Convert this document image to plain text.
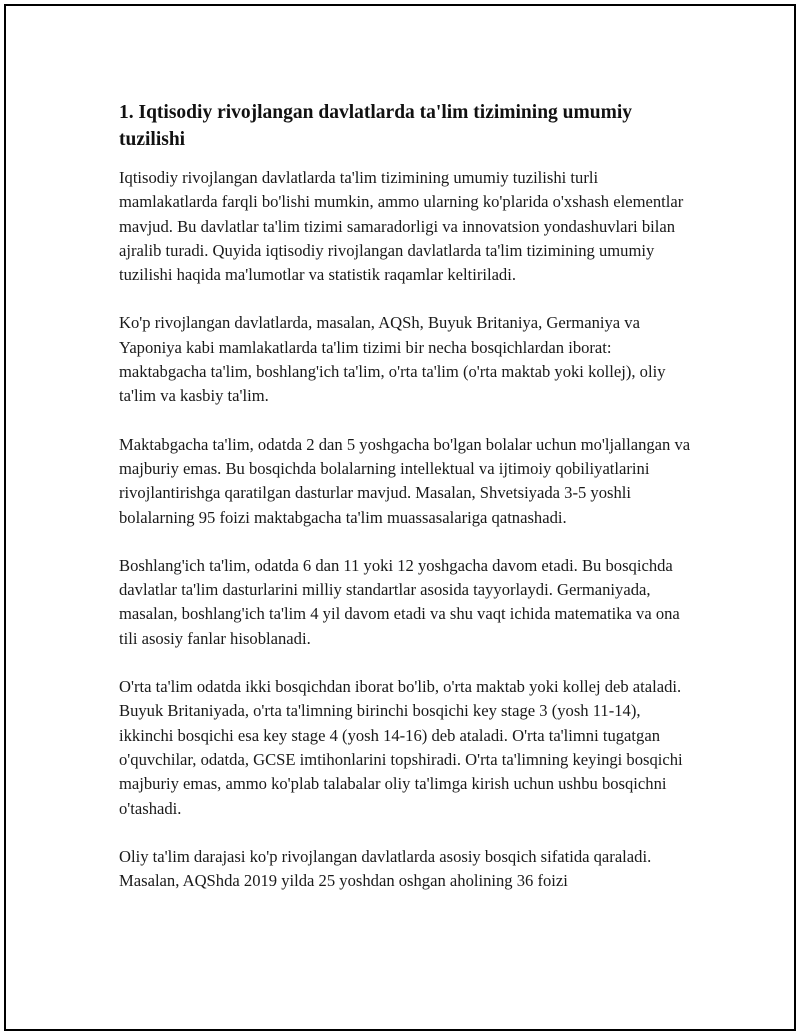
1. Iqtisodiy rivojlangan davlatlarda ta'lim tizimining umumiy tuzilishi

Iqtisodiy rivojlangan davlatlarda ta'lim tizimining umumiy tuzilishi turli mamlakatlarda farqli bo'lishi mumkin, ammo ularning ko'plarida o'xshash elementlar mavjud. Bu davlatlar ta'lim tizimi samaradorligi va innovatsion yondashuvlari bilan ajralib turadi. Quyida iqtisodiy rivojlangan davlatlarda ta'lim tizimining umumiy tuzilishi haqida ma'lumotlar va statistik raqamlar keltiriladi.

Ko'p rivojlangan davlatlarda, masalan, AQSh, Buyuk Britaniya, Germaniya va Yaponiya kabi mamlakatlarda ta'lim tizimi bir necha bosqichlardan iborat: maktabgacha ta'lim, boshlang'ich ta'lim, o'rta ta'lim (o'rta maktab yoki kollej), oliy ta'lim va kasbiy ta'lim.

Maktabgacha ta'lim, odatda 2 dan 5 yoshgacha bo'lgan bolalar uchun mo'ljallangan va majburiy emas. Bu bosqichda bolalarning intellektual va ijtimoiy qobiliyatlarini rivojlantirishga qaratilgan dasturlar mavjud. Masalan, Shvetsiyada 3-5 yoshli bolalarning 95 foizi maktabgacha ta'lim muassasalariga qatnashadi.

Boshlang'ich ta'lim, odatda 6 dan 11 yoki 12 yoshgacha davom etadi. Bu bosqichda davlatlar ta'lim dasturlarini milliy standartlar asosida tayyorlaydi. Germaniyada, masalan, boshlang'ich ta'lim 4 yil davom etadi va shu vaqt ichida matematika va ona tili asosiy fanlar hisoblanadi.

O'rta ta'lim odatda ikki bosqichdan iborat bo'lib, o'rta maktab yoki kollej deb ataladi. Buyuk Britaniyada, o'rta ta'limning birinchi bosqichi key stage 3 (yosh 11-14), ikkinchi bosqichi esa key stage 4 (yosh 14-16) deb ataladi. O'rta ta'limni tugatgan o'quvchilar, odatda, GCSE imtihonlarini topshiradi. O'rta ta'limning keyingi bosqichi majburiy emas, ammo ko'plab talabalar oliy ta'limga kirish uchun ushbu bosqichni o'tashadi.

Oliy ta'lim darajasi ko'p rivojlangan davlatlarda asosiy bosqich sifatida qaraladi. Masalan, AQShda 2019 yilda 25 yoshdan oshgan aholining 36 foizi
